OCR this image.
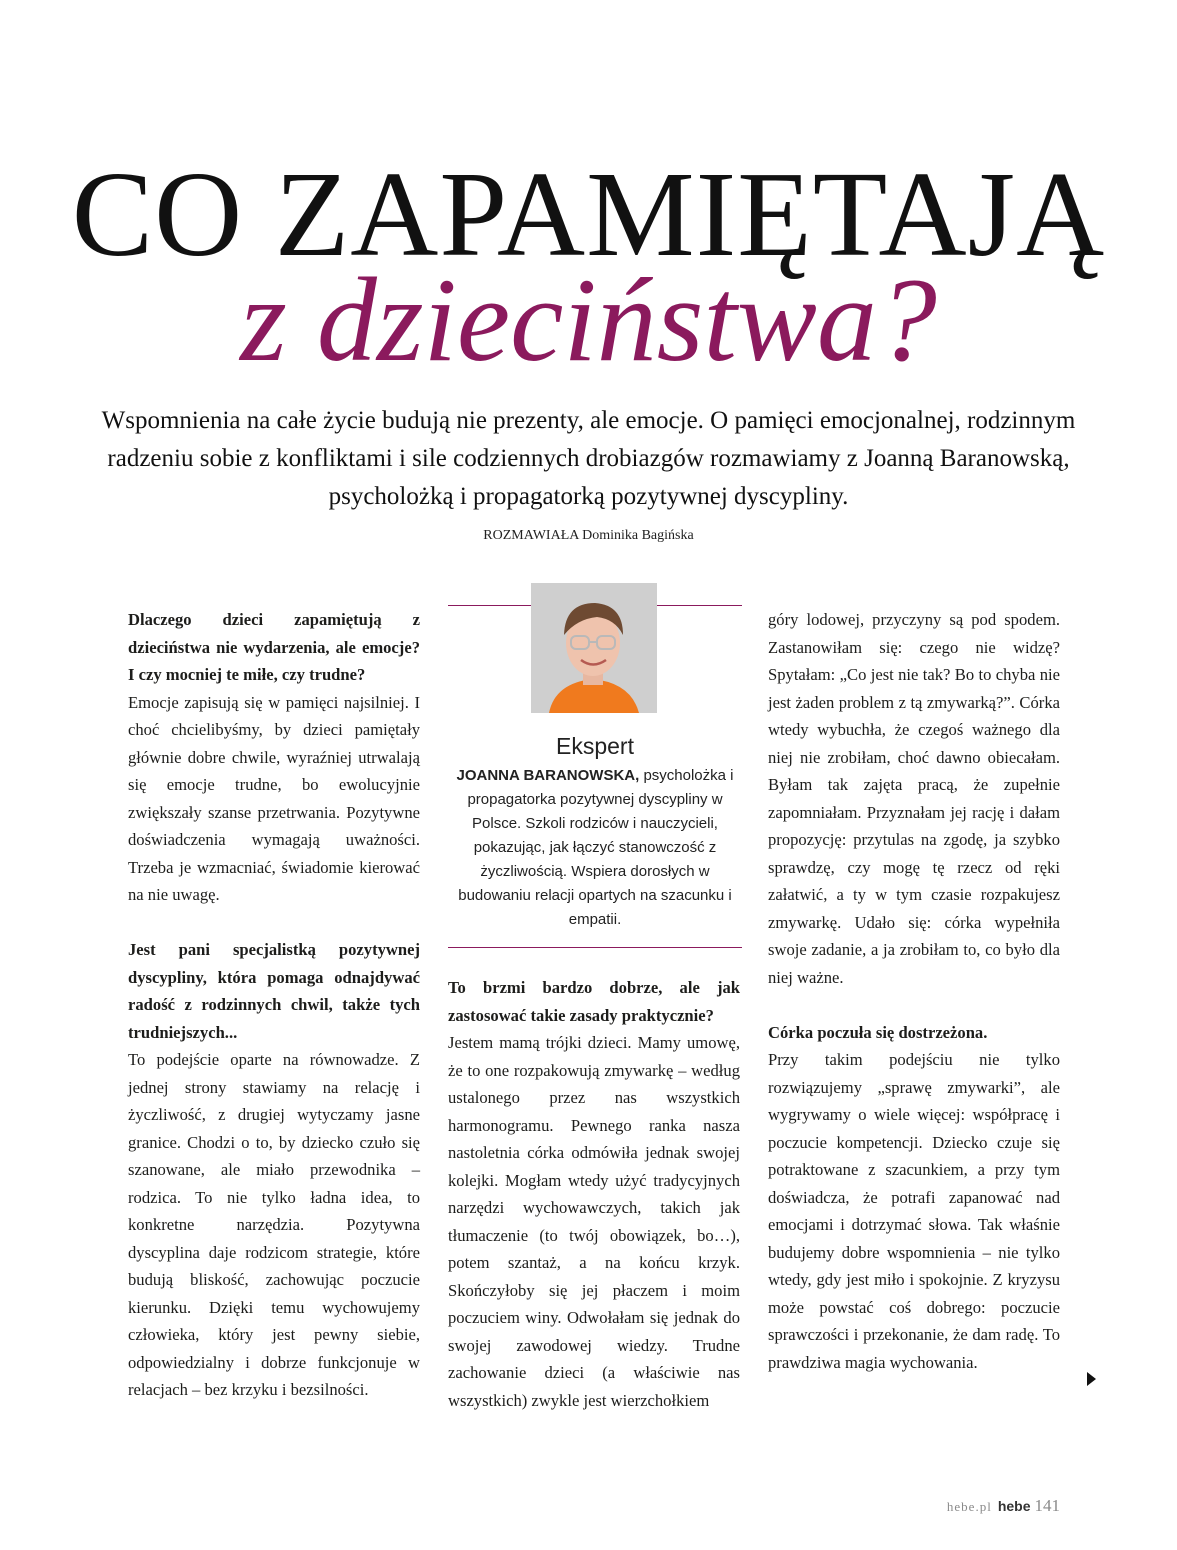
CO ZAPAMIĘTAJĄ
z dzieciństwa?
Wspomnienia na całe życie budują nie prezenty, ale emocje. O pamięci emocjonalnej, rodzinnym radzeniu sobie z konfliktami i sile codziennych drobiazgów rozmawiamy z Joanną Baranowską, psycholożką i propagatorką pozytywnej dyscypliny.
ROZMAWIAŁA Dominika Bagińska

Dlaczego dzieci zapamiętują z dzieciństwa nie wydarzenia, ale emocje? I czy mocniej te miłe, czy trudne?

Emocje zapisują się w pamięci najsilniej. I choć chcielibyśmy, by dzieci pamiętały głównie dobre chwile, wyraźniej utrwalają się emocje trudne, bo ewolucyjnie zwiększały szanse przetrwania. Pozytywne doświadczenia wymagają uważności. Trzeba je wzmacniać, świadomie kierować na nie uwagę.

Jest pani specjalistką pozytywnej dyscypliny, która pomaga odnajdywać radość z rodzinnych chwil, także tych trudniejszych...

To podejście oparte na równowadze. Z jednej strony stawiamy na relację i życzliwość, z drugiej wytyczamy jasne granice. Chodzi o to, by dziecko czuło się szanowane, ale miało przewodnika – rodzica. To nie tylko ładna idea, to konkretne narzędzia. Pozytywna dyscyplina daje rodzicom strategie, które budują bliskość, zachowując poczucie kierunku. Dzięki temu wychowujemy człowieka, który jest pewny siebie, odpowiedzialny i dobrze funkcjonuje w relacjach – bez krzyku i bezsilności.

Ekspert
JOANNA BARANOWSKA, psycholożka i propagatorka pozytywnej dyscypliny w Polsce. Szkoli rodziców i nauczycieli, pokazując, jak łączyć stanowczość z życzliwością. Wspiera dorosłych w budowaniu relacji opartych na szacunku i empatii.

To brzmi bardzo dobrze, ale jak zastosować takie zasady praktycznie?

Jestem mamą trójki dzieci. Mamy umowę, że to one rozpakowują zmywarkę – według ustalonego przez nas wszystkich harmonogramu. Pewnego ranka nasza nastoletnia córka odmówiła jednak swojej kolejki. Mogłam wtedy użyć tradycyjnych narzędzi wychowawczych, takich jak tłumaczenie (to twój obowiązek, bo…), potem szantaż, a na końcu krzyk. Skończyłoby się jej płaczem i moim poczuciem winy. Odwołałam się jednak do swojej zawodowej wiedzy. Trudne zachowanie dzieci (a właściwie nas wszystkich) zwykle jest wierzchołkiem

góry lodowej, przyczyny są pod spodem. Zastanowiłam się: czego nie widzę? Spytałam: „Co jest nie tak? Bo to chyba nie jest żaden problem z tą zmywarką?”. Córka wtedy wybuchła, że czegoś ważnego dla niej nie zrobiłam, choć dawno obiecałam. Byłam tak zajęta pracą, że zupełnie zapomniałam. Przyznałam jej rację i dałam propozycję: przytulas na zgodę, ja szybko sprawdzę, czy mogę tę rzecz od ręki załatwić, a ty w tym czasie rozpakujesz zmywarkę. Udało się: córka wypełniła swoje zadanie, a ja zrobiłam to, co było dla niej ważne.

Córka poczuła się dostrzeżona.

Przy takim podejściu nie tylko rozwiązujemy „sprawę zmywarki”, ale wygrywamy o wiele więcej: współpracę i poczucie kompetencji. Dziecko czuje się potraktowane z szacunkiem, a przy tym doświadcza, że potrafi zapanować nad emocjami i dotrzymać słowa. Tak właśnie budujemy dobre wspomnienia – nie tylko wtedy, gdy jest miło i spokojnie. Z kryzysu może powstać coś dobrego: poczucie sprawczości i przekonanie, że dam radę. To prawdziwa magia wychowania.

hebe.pl hebe 141
